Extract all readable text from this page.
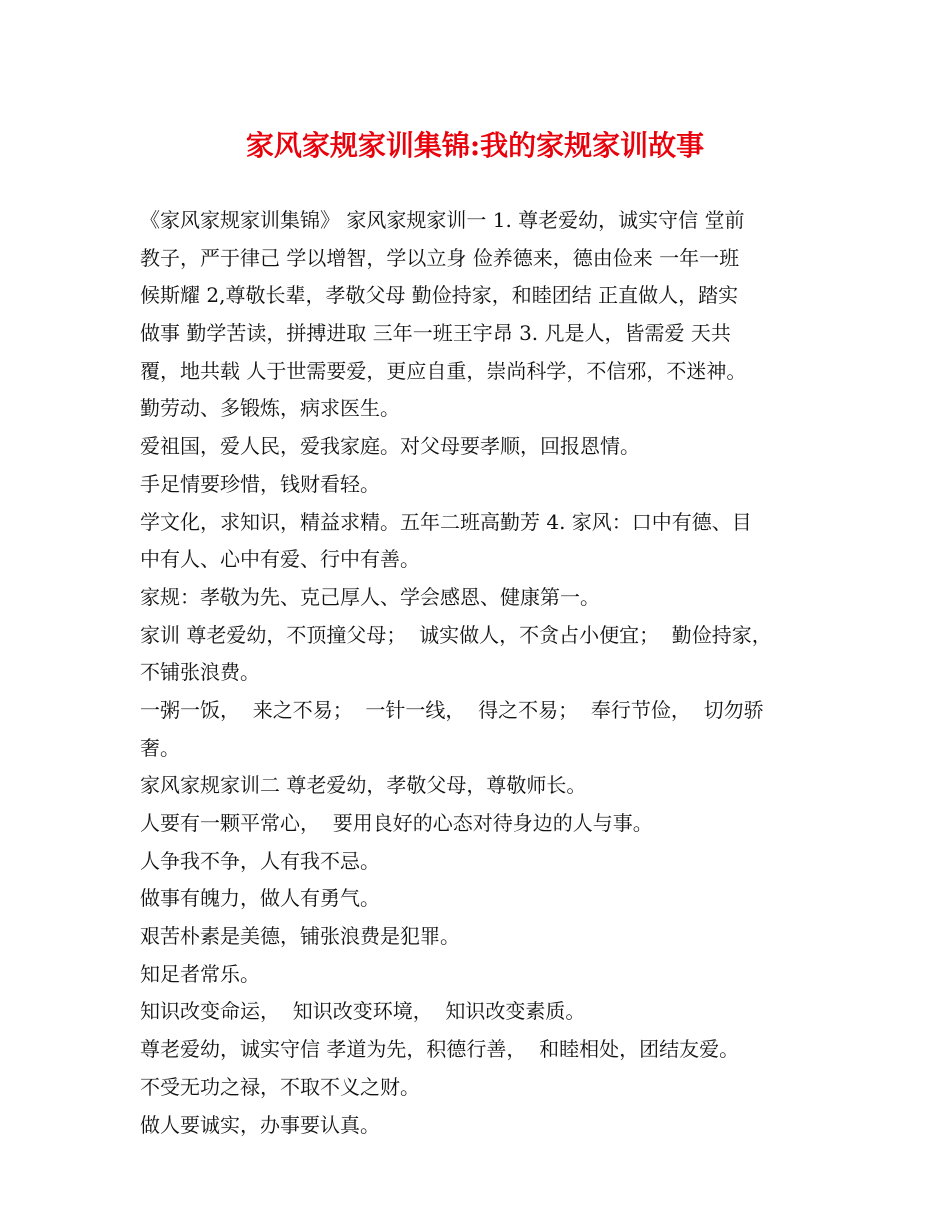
家风家规家训集锦:我的家规家训故事

《家风家规家训集锦》 家风家规家训一 1. 尊老爱幼，诚实守信 堂前

教子，严于律己 学以增智，学以立身 俭养德来，德由俭来 一年一班

候斯耀 2,尊敬长辈，孝敬父母 勤俭持家，和睦团结 正直做人，踏实

做事 勤学苦读，拼搏进取 三年一班王宇昂 3. 凡是人，皆需爱 天共

覆，地共载 人于世需要爱，更应自重，崇尚科学，不信邪，不迷神。

勤劳动、多锻炼，病求医生。

爱祖国，爱人民，爱我家庭。对父母要孝顺，回报恩情。

手足情要珍惜，钱财看轻。

学文化，求知识，精益求精。五年二班高勤芳 4. 家风：口中有德、目

中有人、心中有爱、行中有善。

家规：孝敬为先、克己厚人、学会感恩、健康第一。

家训 尊老爱幼，不顶撞父母；  诚实做人，不贪占小便宜；  勤俭持家，

不铺张浪费。

一粥一饭，  来之不易；  一针一线，  得之不易；  奉行节俭，  切勿骄

奢。

家风家规家训二 尊老爱幼，孝敬父母，尊敬师长。

人要有一颗平常心，  要用良好的心态对待身边的人与事。

人争我不争，人有我不忌。

做事有魄力，做人有勇气。

艰苦朴素是美德，铺张浪费是犯罪。

知足者常乐。

知识改变命运，  知识改变环境，  知识改变素质。

尊老爱幼，诚实守信 孝道为先，积德行善，  和睦相处，团结友爱。

不受无功之禄，不取不义之财。

做人要诚实，办事要认真。
